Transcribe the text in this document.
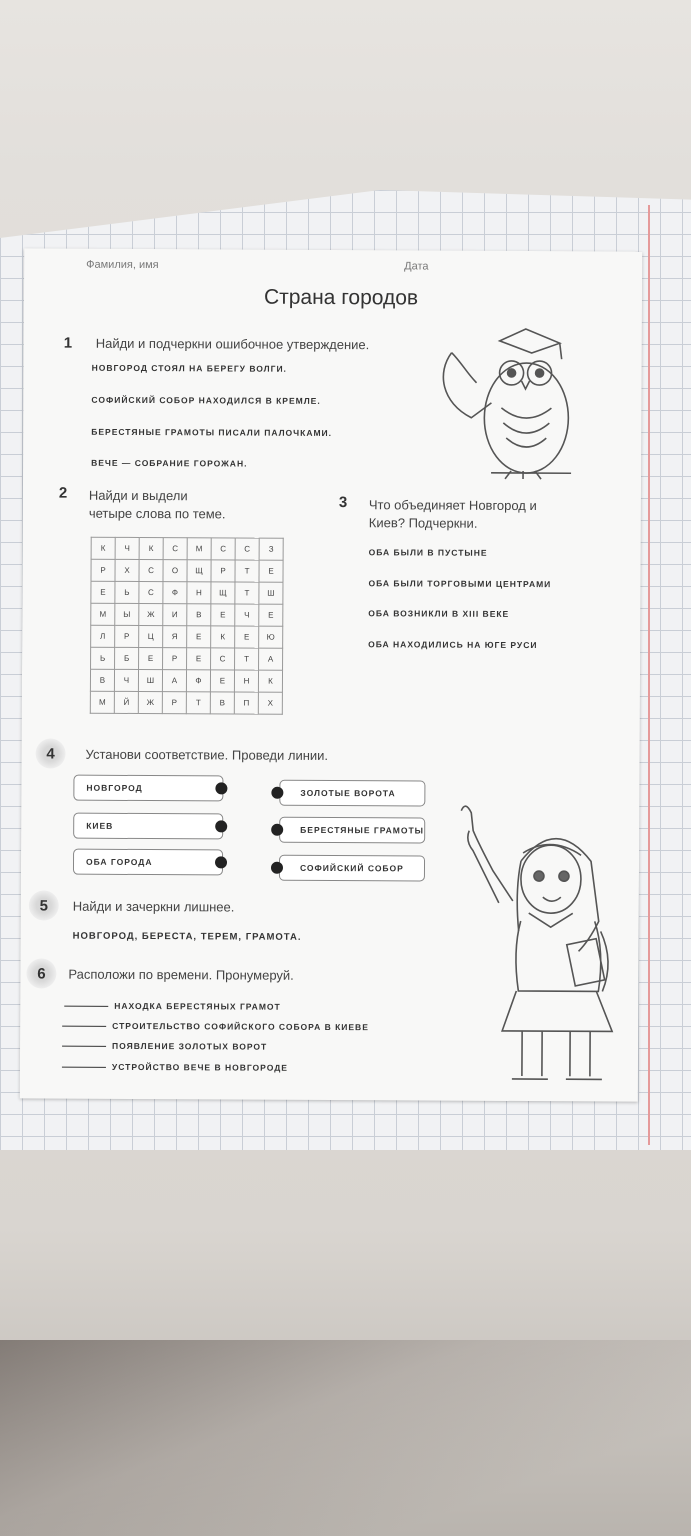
Фамилия, имя	Дата
Страна городов
1 Найди и подчеркни ошибочное утверждение.
НОВГОРОД СТОЯЛ НА БЕРЕГУ ВОЛГИ.
СОФИЙСКИЙ СОБОР НАХОДИЛСЯ В КРЕМЛЕ.
БЕРЕСТЯНЫЕ ГРАМОТЫ ПИСАЛИ ПАЛОЧКАМИ.
ВЕЧЕ — СОБРАНИЕ ГОРОЖАН.
2 Найди и выдели
четыре слова по теме.
К	Ч	К	С	М	С	С	З
Р	Х	С	О	Щ	Р	Т	Е
Е	Ь	С	Ф	Н	Щ	Т	Ш
М	Ы	Ж	И	В	Е	Ч	Е
Л	Р	Ц	Я	Е	К	Е	Ю
Ь	Б	Е	Р	Е	С	Т	А
В	Ч	Ш	А	Ф	Е	Н	К
М	Й	Ж	Р	Т	В	П	Х
3 Что объединяет Новгород и
Киев? Подчеркни.
ОБА БЫЛИ В ПУСТЫНЕ
ОБА БЫЛИ ТОРГОВЫМИ ЦЕНТРАМИ
ОБА ВОЗНИКЛИ В XIII ВЕКЕ
ОБА НАХОДИЛИСЬ НА ЮГЕ РУСИ
4 Установи соответствие. Проведи линии.
НОВГОРОД
КИЕВ
ОБА ГОРОДА
ЗОЛОТЫЕ ВОРОТА
БЕРЕСТЯНЫЕ ГРАМОТЫ
СОФИЙСКИЙ СОБОР
5 Найди и зачеркни лишнее.
НОВГОРОД, БЕРЕСТА, ТЕРЕМ, ГРАМОТА.
6 Расположи по времени. Пронумеруй.
НАХОДКА БЕРЕСТЯНЫХ ГРАМОТ
СТРОИТЕЛЬСТВО СОФИЙСКОГО СОБОРА В КИЕВЕ
ПОЯВЛЕНИЕ ЗОЛОТЫХ ВОРОТ
УСТРОЙСТВО ВЕЧЕ В НОВГОРОДЕ
